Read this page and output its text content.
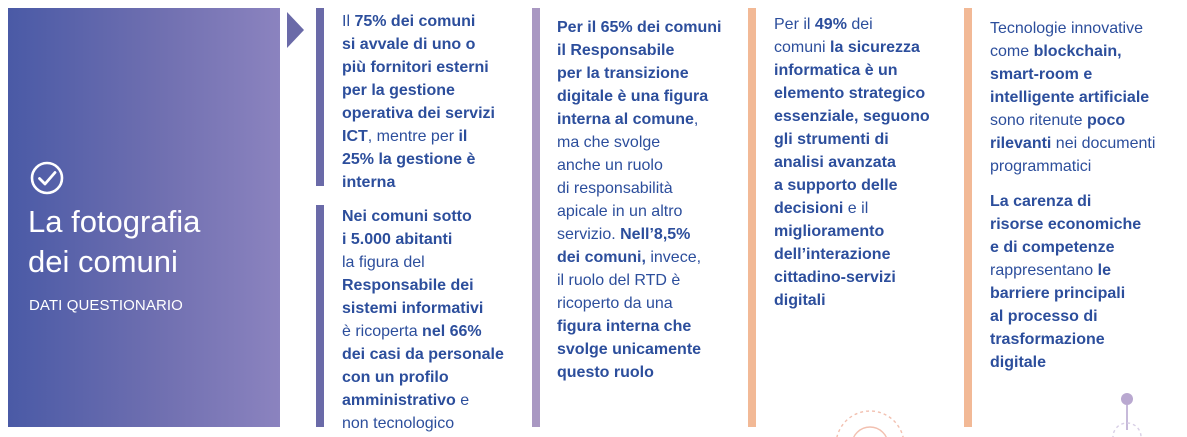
La fotografia
dei comuni
DATI QUESTIONARIO

Il 75% dei comuni
si avvale di uno o
più fornitori esterni
per la gestione
operativa dei servizi
ICT, mentre per il
25% la gestione è
interna

Nei comuni sotto
i 5.000 abitanti
la figura del
Responsabile dei
sistemi informativi
è ricoperta nel 66%
dei casi da personale
con un profilo
amministrativo e
non tecnologico

Per il 65% dei comuni
il Responsabile
per la transizione
digitale è una figura
interna al comune,
ma che svolge
anche un ruolo
di responsabilità
apicale in un altro
servizio. Nell’8,5%
dei comuni, invece,
il ruolo del RTD è
ricoperto da una
figura interna che
svolge unicamente
questo ruolo

Per il 49% dei
comuni la sicurezza
informatica è un
elemento strategico
essenziale, seguono
gli strumenti di
analisi avanzata
a supporto delle
decisioni e il
miglioramento
dell’interazione
cittadino-servizi
digitali

Tecnologie innovative
come blockchain,
smart-room e
intelligente artificiale
sono ritenute poco
rilevanti nei documenti
programmatici

La carenza di
risorse economiche
e di competenze
rappresentano le
barriere principali
al processo di
trasformazione
digitale
